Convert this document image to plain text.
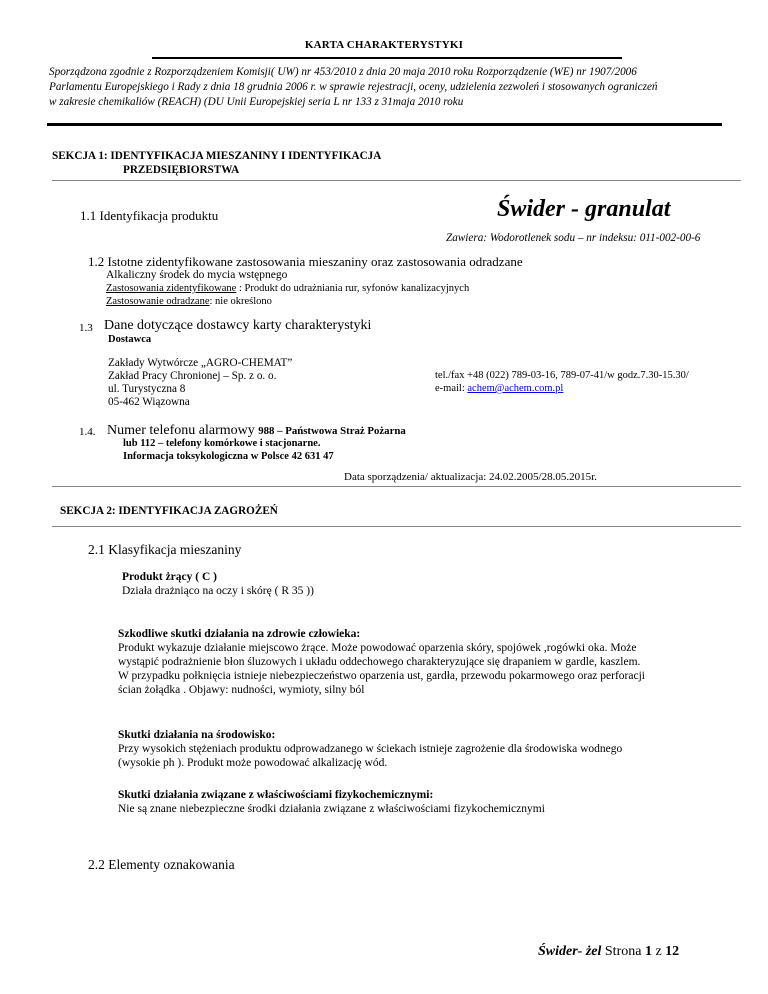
KARTA CHARAKTERYSTYKI
Sporządzona zgodnie z Rozporządzeniem Komisji( UW) nr 453/2010 z dnia 20 maja 2010 roku Rozporządzenie (WE) nr 1907/2006
Parlamentu Europejskiego i Rady z dnia 18 grudnia 2006 r. w sprawie rejestracji, oceny, udzielenia zezwoleń i stosowanych ograniczeń
w zakresie chemikaliów (REACH) (DU Unii Europejskiej seria L nr 133 z 31maja 2010 roku
SEKCJA 1: IDENTYFIKACJA MIESZANINY I IDENTYFIKACJA
PRZEDSIĘBIORSTWA
1.1 Identyfikacja produktu	Świder - granulat
Zawiera: Wodorotlenek sodu – nr indeksu: 011-002-00-6
1.2 Istotne zidentyfikowane zastosowania mieszaniny oraz zastosowania odradzane
Alkaliczny środek do mycia wstępnego
Zastosowania zidentyfikowane : Produkt do udrażniania rur, syfonów kanalizacyjnych
Zastosowanie odradzane: nie określono
1.3 Dane dotyczące dostawcy karty charakterystyki
Dostawca
Zakłady Wytwórcze „AGRO-CHEMAT”
Zakład Pracy Chronionej – Sp. z o. o.
ul. Turystyczna 8
05-462 Wiązowna
tel./fax +48 (022) 789-03-16, 789-07-41/w godz.7.30-15.30/
e-mail: achem@achem.com.pl
1.4. Numer telefonu alarmowy 988 – Państwowa Straż Pożarna
lub 112 – telefony komórkowe i stacjonarne.
Informacja toksykologiczna w Polsce 42 631 47
Data sporządzenia/ aktualizacja: 24.02.2005/28.05.2015r.
SEKCJA 2: IDENTYFIKACJA ZAGROŻEŃ
2.1 Klasyfikacja mieszaniny
Produkt żrący ( C )
Działa drażniąco na oczy i skórę ( R 35 ))
Szkodliwe skutki działania na zdrowie człowieka:
Produkt wykazuje działanie miejscowo żrące. Może powodować oparzenia skóry, spojówek ,rogówki oka. Może
wystąpić podrażnienie błon śluzowych i układu oddechowego charakteryzujące się drapaniem w gardle, kaszlem.
W przypadku połknięcia istnieje niebezpieczeństwo oparzenia ust, gardła, przewodu pokarmowego oraz perforacji
ścian żołądka . Objawy: nudności, wymioty, silny ból
Skutki działania na środowisko:
Przy wysokich stężeniach produktu odprowadzanego w ściekach istnieje zagrożenie dla środowiska wodnego
(wysokie ph ). Produkt może powodować alkalizację wód.
Skutki działania związane z właściwościami fizykochemicznymi:
Nie są znane niebezpieczne środki działania związane z właściwościami fizykochemicznymi
2.2 Elementy oznakowania
Świder- żel Strona 1 z 12
